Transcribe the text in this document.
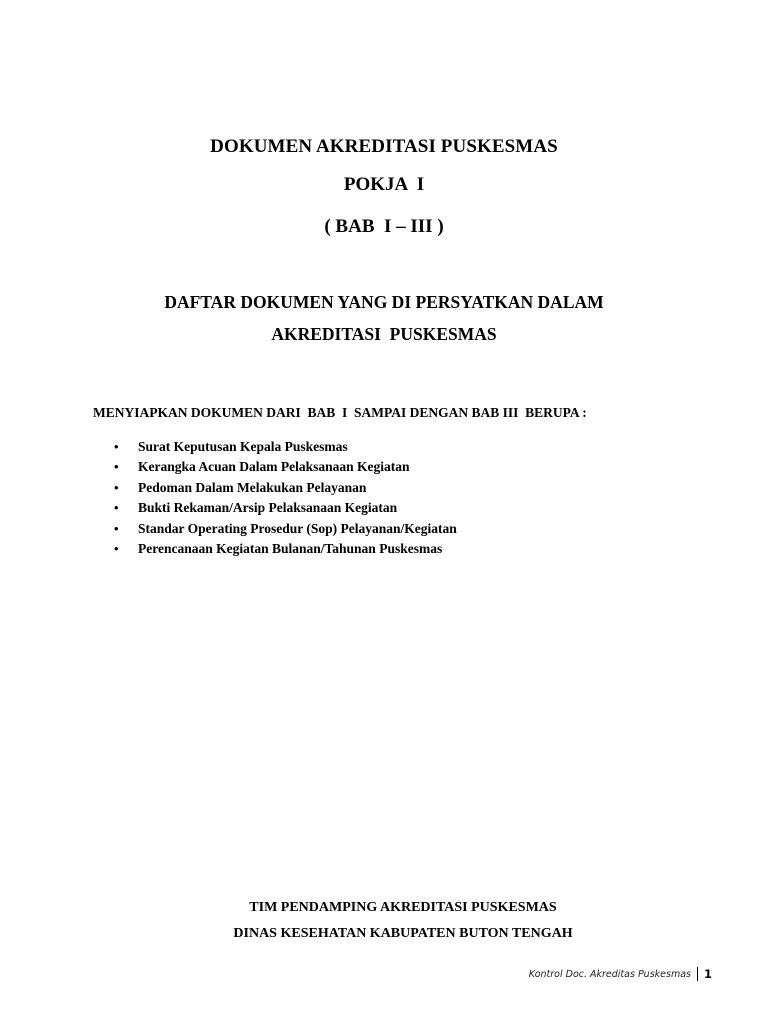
DOKUMEN AKREDITASI PUSKESMAS
POKJA  I
( BAB  I – III )
DAFTAR DOKUMEN YANG DI PERSYATKAN DALAM
AKREDITASI  PUSKESMAS
MENYIAPKAN DOKUMEN DARI  BAB  I  SAMPAI DENGAN BAB III  BERUPA :
• Surat Keputusan Kepala Puskesmas
• Kerangka Acuan Dalam Pelaksanaan Kegiatan
• Pedoman Dalam Melakukan Pelayanan
• Bukti Rekaman/Arsip Pelaksanaan Kegiatan
• Standar Operating Prosedur (Sop) Pelayanan/Kegiatan
• Perencanaan Kegiatan Bulanan/Tahunan Puskesmas
TIM PENDAMPING AKREDITASI PUSKESMAS
DINAS KESEHATAN KABUPATEN BUTON TENGAH
Kontrol Doc. Akreditas Puskesmas 1
